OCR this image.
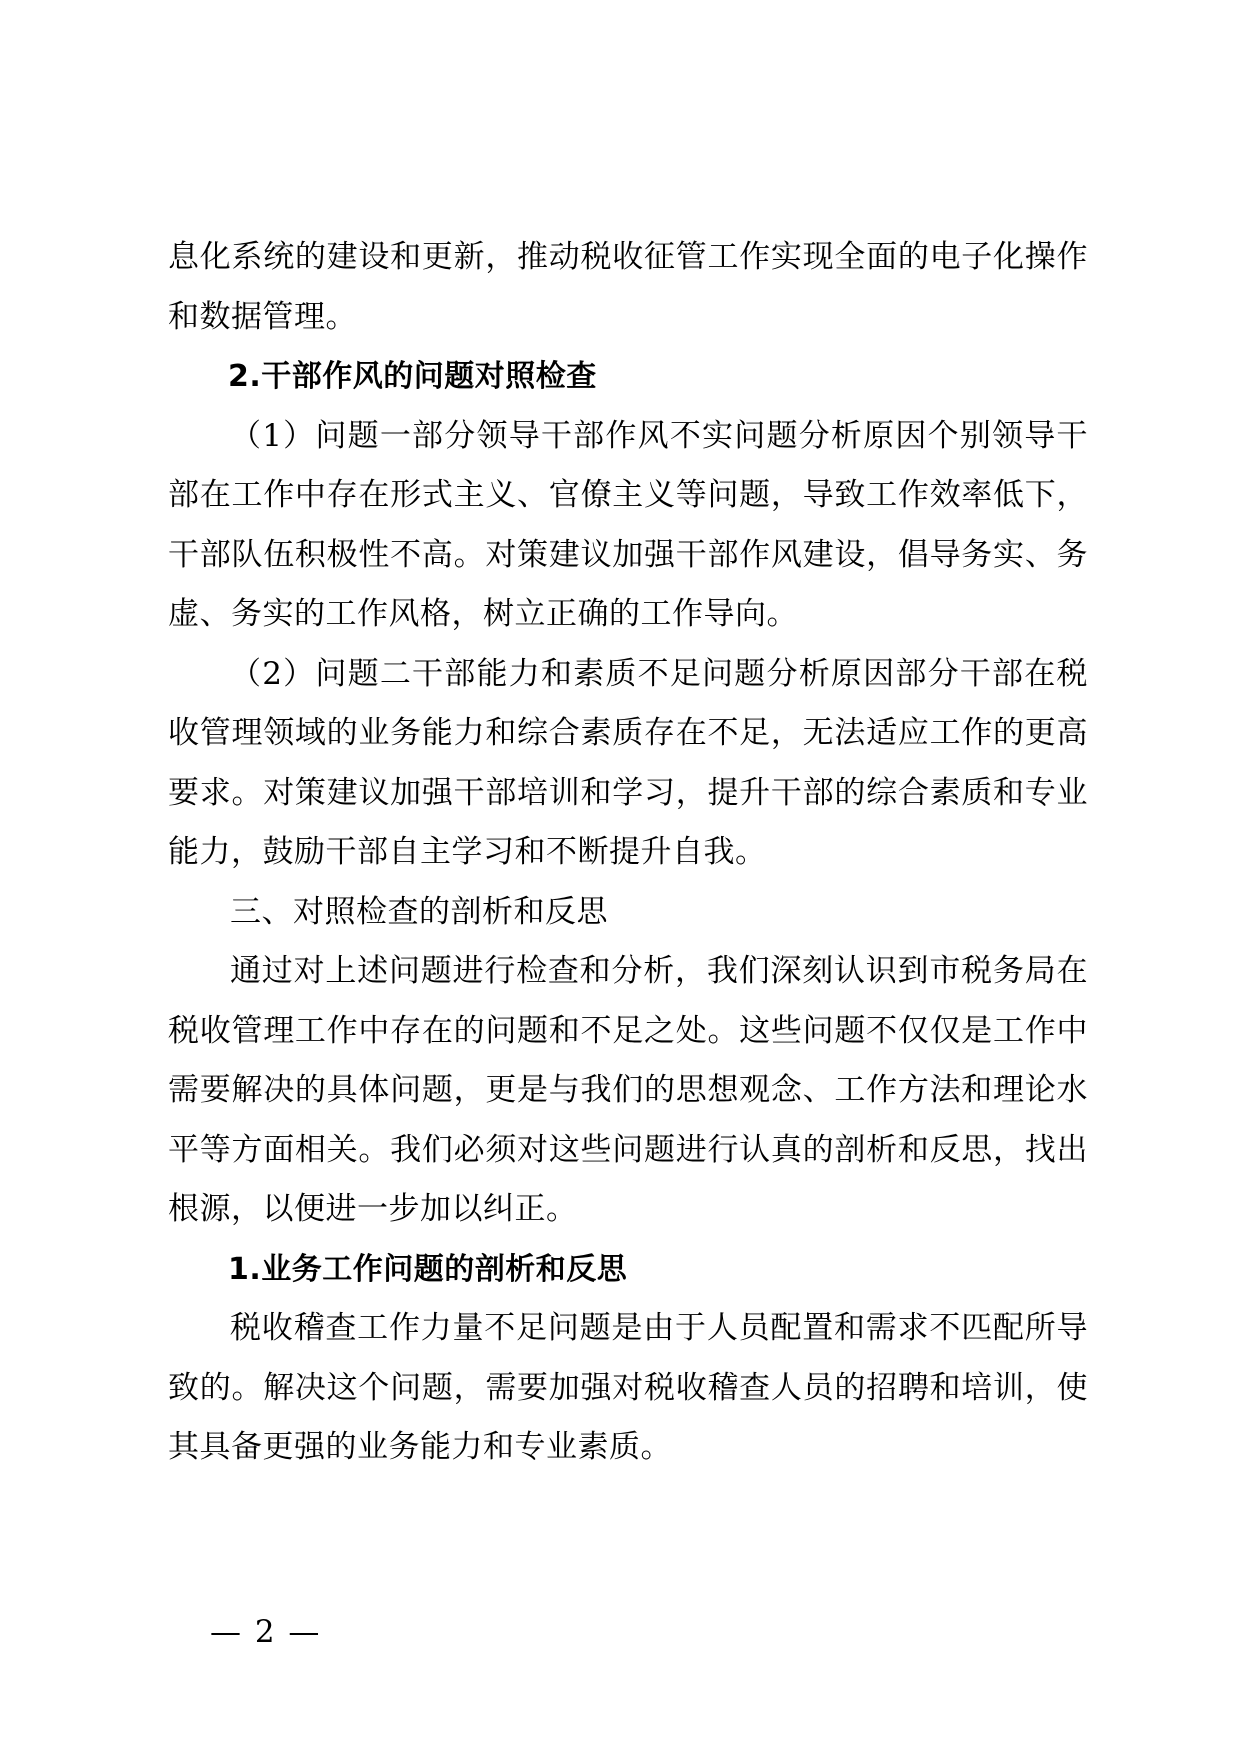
息化系统的建设和更新，推动税收征管工作实现全面的电子化操作和数据管理。

2.干部作风的问题对照检查

（1）问题一部分领导干部作风不实问题分析原因个别领导干部在工作中存在形式主义、官僚主义等问题，导致工作效率低下，干部队伍积极性不高。对策建议加强干部作风建设，倡导务实、务虚、务实的工作风格，树立正确的工作导向。

（2）问题二干部能力和素质不足问题分析原因部分干部在税收管理领域的业务能力和综合素质存在不足，无法适应工作的更高要求。对策建议加强干部培训和学习，提升干部的综合素质和专业能力，鼓励干部自主学习和不断提升自我。

三、对照检查的剖析和反思

通过对上述问题进行检查和分析，我们深刻认识到市税务局在税收管理工作中存在的问题和不足之处。这些问题不仅仅是工作中需要解决的具体问题，更是与我们的思想观念、工作方法和理论水平等方面相关。我们必须对这些问题进行认真的剖析和反思，找出根源，以便进一步加以纠正。

1.业务工作问题的剖析和反思

税收稽查工作力量不足问题是由于人员配置和需求不匹配所导致的。解决这个问题，需要加强对税收稽查人员的招聘和培训，使其具备更强的业务能力和专业素质。

— 2 —
